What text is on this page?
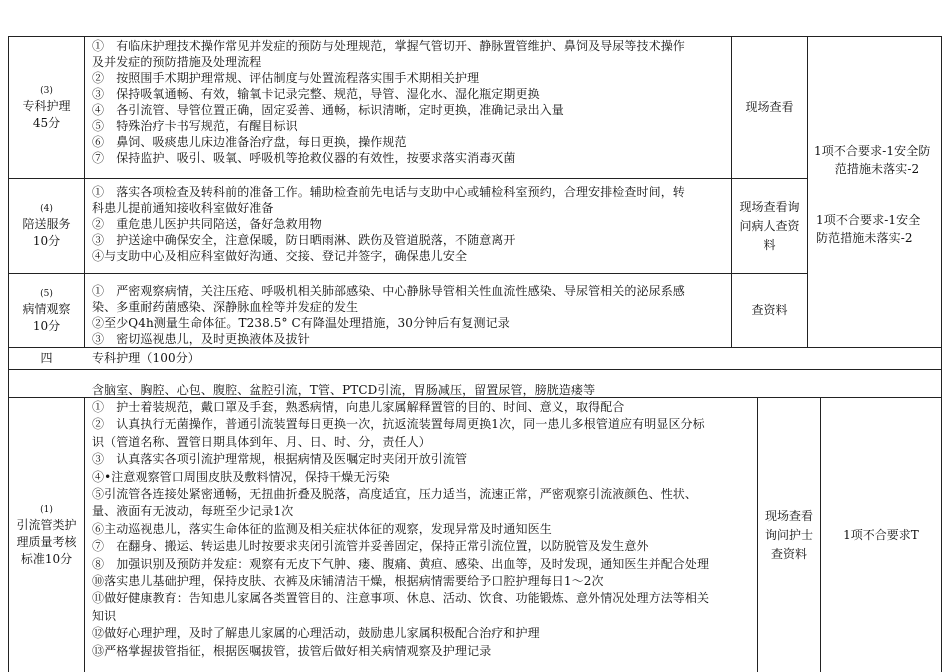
(3)
专科护理
45分

①　有临床护理技术操作常见并发症的预防与处理规范，掌握气管切开、静脉置管维护、鼻饲及导尿等技术操作

及并发症的预防措施及处理流程

②　按照围手术期护理常规、评估制度与处置流程落实围手术期相关护理

③　保持吸氧通畅、有效，输氧卡记录完整、规范，导管、湿化水、湿化瓶定期更换

④　各引流管、导管位置正确，固定妥善、通畅，标识清晰，定时更换，准确记录出入量

⑤　特殊治疗卡书写规范，有醒目标识

⑥　鼻饲、吸痰患儿床边准备治疗盘，每日更换，操作规范

⑦　保持监护、吸引、吸氧、呼吸机等抢救仪器的有效性，按要求落实消毒灭菌

现场查看
(4)
陪送服务
10分

①　落实各项检查及转科前的准备工作。辅助检查前先电话与支助中心或辅检科室预约，合理安排检查时间，转

科患儿提前通知接收科室做好准备

②　重危患儿医护共同陪送，备好急救用物

③　护送途中确保安全，注意保暖，防日晒雨淋、跌伤及管道脱落，不随意离开

④与支助中心及相应科室做好沟通、交接、登记并签字，确保患儿安全

现场查看询
问病人查资
料
(5)
病情观察
10分

①　严密观察病情，关注压疮、呼吸机相关肺部感染、中心静脉导管相关性血流性感染、导尿管相关的泌尿系感

染、多重耐药菌感染、深静脉血栓等并发症的发生

②至少Q4h测量生命体征。T238.5° C有降温处理措施，30分钟后有复测记录

③　密切巡视患儿，及时更换液体及拔针

查资料

1项不合要求-1安全防

范措施未落实-2

1项不合要求-1安全

防范措施未落实-2

四	专科护理（100分）

含脑室、胸腔、心包、腹腔、盆腔引流，T管、PTCD引流，胃肠减压，留置尿管，膀胱造瘘等

(1)
引流管类护
理质量考核
标准10分

①　护士着装规范，戴口罩及手套，熟悉病情，向患儿家属解释置管的目的、时间、意义，取得配合

②　认真执行无菌操作，普通引流装置每日更换一次，抗返流装置每周更换1次，同一患儿多根管道应有明显区分标

识（管道名称、置管日期具体到年、月、日、时、分，责任人）

③　认真落实各项引流护理常规，根据病情及医嘱定时夹闭开放引流管

④•注意观察管口周围皮肤及敷料情况，保持干燥无污染

⑤引流管各连接处紧密通畅，无扭曲折叠及脱落，高度适宜，压力适当，流速正常，严密观察引流液颜色、性状、

量、液面有无波动，每班至少记录1次

⑥主动巡视患儿，落实生命体征的监测及相关症状体征的观察，发现异常及时通知医生

⑦　在翻身、搬运、转运患儿时按要求夹闭引流管并妥善固定，保持正常引流位置，以防脱管及发生意外

⑧　加强识别及预防并发症：观察有无皮下气肿、瘘、腹痛、黄疸、感染、出血等，及时发现，通知医生并配合处理

⑩落实患儿基础护理，保持皮肤、衣裤及床铺清洁干燥，根据病情需要给予口腔护理每日1～2次

⑪做好健康教育：告知患儿家属各类置管目的、注意事项、休息、活动、饮食、功能锻炼、意外情况处理方法等相关

知识

⑫做好心理护理，及时了解患儿家属的心理活动，鼓励患儿家属积极配合治疗和护理

⑬严格掌握拔管指征，根据医嘱拔管，拔管后做好相关病情观察及护理记录

现场查看
询问护士
查资料
1项不合要求T
